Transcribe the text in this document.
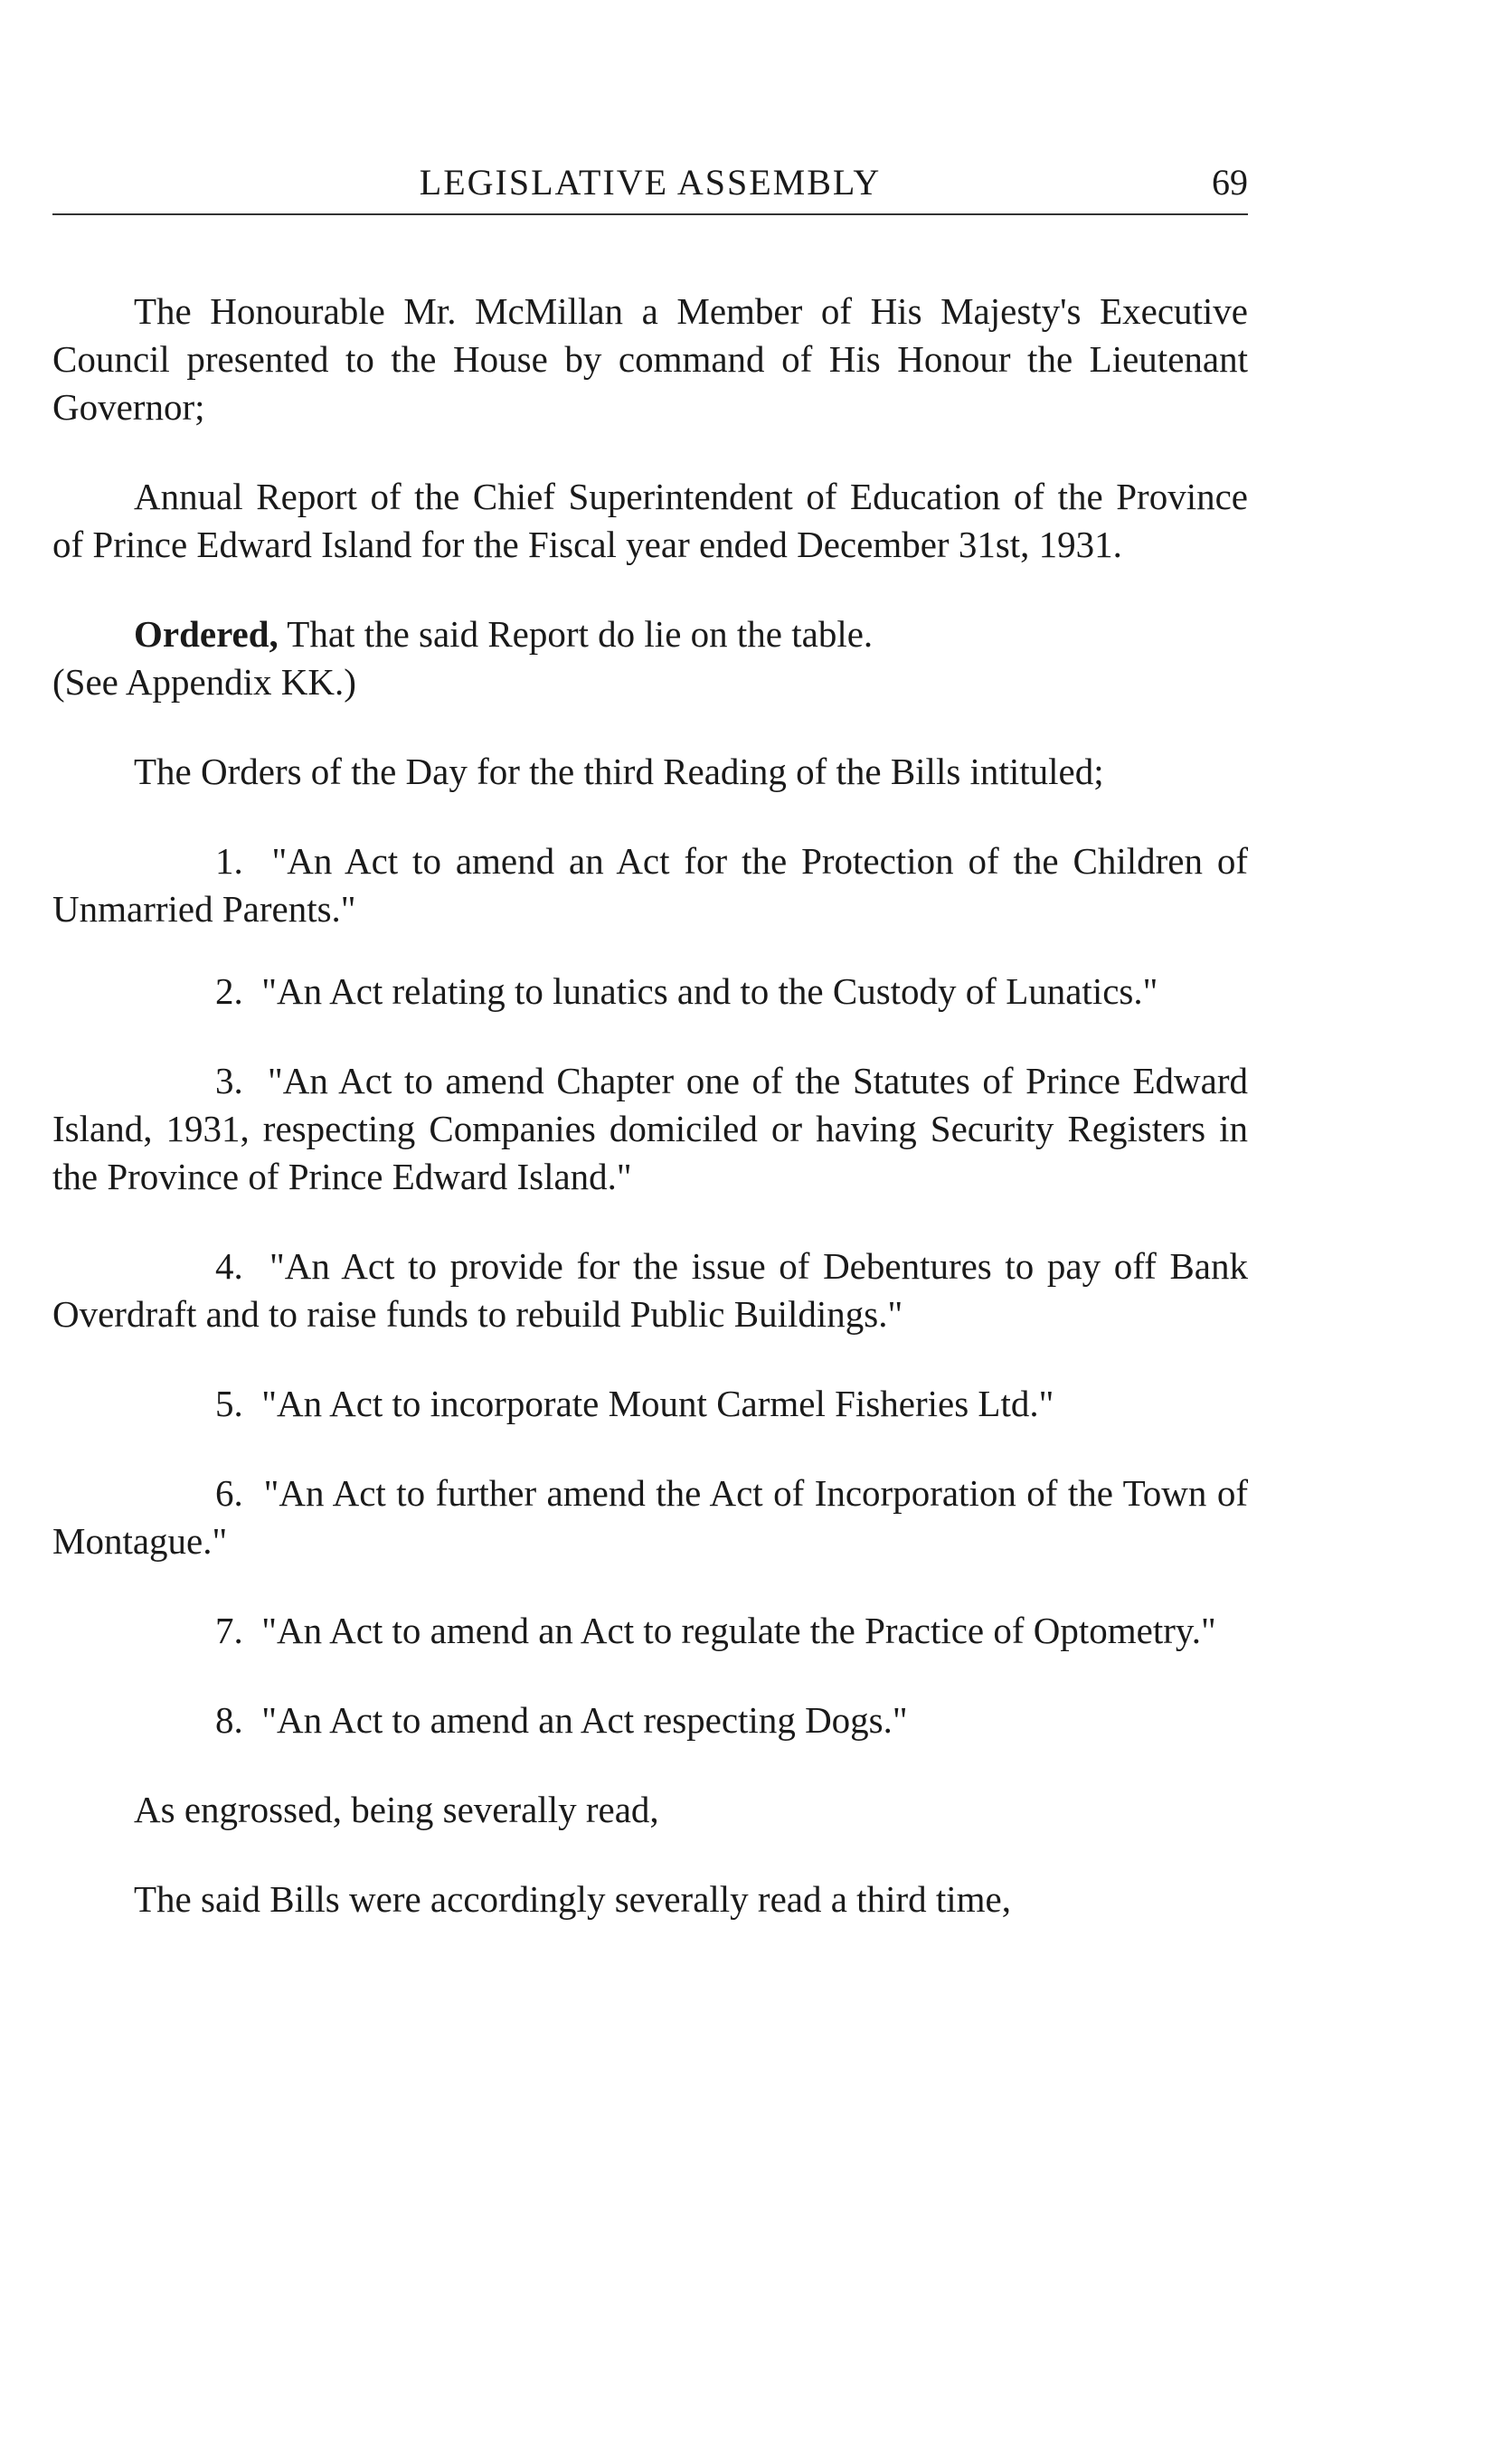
LEGISLATIVE ASSEMBLY	69

The Honourable Mr. McMillan a Member of His Majesty's Executive Council presented to the House by command of His Honour the Lieutenant Governor;

Annual Report of the Chief Superintendent of Education of the Province of Prince Edward Island for the Fiscal year ended December 31st, 1931.

Ordered, That the said Report do lie on the table.

(See Appendix KK.)

The Orders of the Day for the third Reading of the Bills intituled;

1. "An Act to amend an Act for the Protection of the Children of Unmarried Parents."

2. "An Act relating to lunatics and to the Custody of Lunatics."

3. "An Act to amend Chapter one of the Statutes of Prince Edward Island, 1931, respecting Companies domiciled or having Security Registers in the Province of Prince Edward Island."

4. "An Act to provide for the issue of Debentures to pay off Bank Overdraft and to raise funds to rebuild Public Buildings."

5. "An Act to incorporate Mount Carmel Fisheries Ltd."

6. "An Act to further amend the Act of Incorporation of the Town of Montague."

7. "An Act to amend an Act to regulate the Practice of Optometry."

8. "An Act to amend an Act respecting Dogs."

As engrossed, being severally read,

The said Bills were accordingly severally read a third time,
